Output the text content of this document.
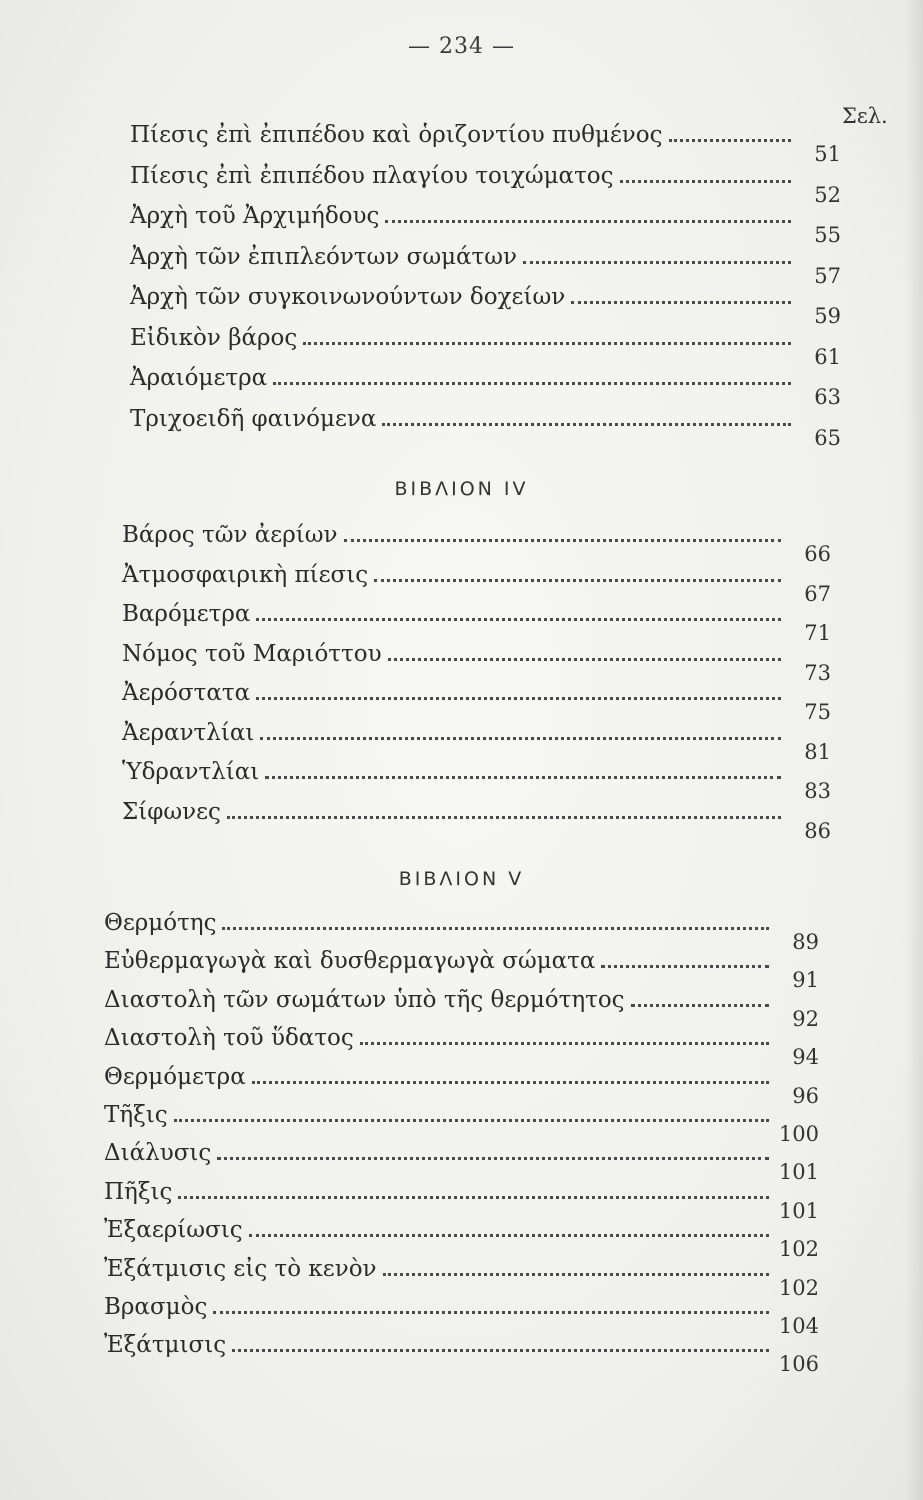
— 234 —
Σελ.
Πίεσις ἐπὶ ἐπιπέδου καὶ ὁριζοντίου πυθμένος
51
Πίεσις ἐπὶ ἐπιπέδου πλαγίου τοιχώματος
52
Ἀρχὴ τοῦ Ἀρχιμήδους
55
Ἀρχὴ τῶν ἐπιπλεόντων σωμάτων
57
Ἀρχὴ τῶν συγκοινωνούντων δοχείων
59
Εἰδικὸν βάρος
61
Ἀραιόμετρα
63
Τριχοειδῆ φαινόμενα
65
ΒΙΒΛΙΟΝ IV
Βάρος τῶν ἀερίων
66
Ἀτμοσφαιρικὴ πίεσις
67
Βαρόμετρα
71
Νόμος τοῦ Μαριόττου
73
Ἀερόστατα
75
Ἀεραντλίαι
81
Ὑδραντλίαι
83
Σίφωνες
86
ΒΙΒΛΙΟΝ V
Θερμότης
89
Εὐθερμαγωγὰ καὶ δυσθερμαγωγὰ σώματα
91
Διαστολὴ τῶν σωμάτων ὑπὸ τῆς θερμότητος
92
Διαστολὴ τοῦ ὕδατος
94
Θερμόμετρα
96
Τῆξις
100
Διάλυσις
101
Πῆξις
101
Ἐξαερίωσις
102
Ἐξάτμισις εἰς τὸ κενὸν
102
Βρασμὸς
104
Ἐξάτμισις
106
